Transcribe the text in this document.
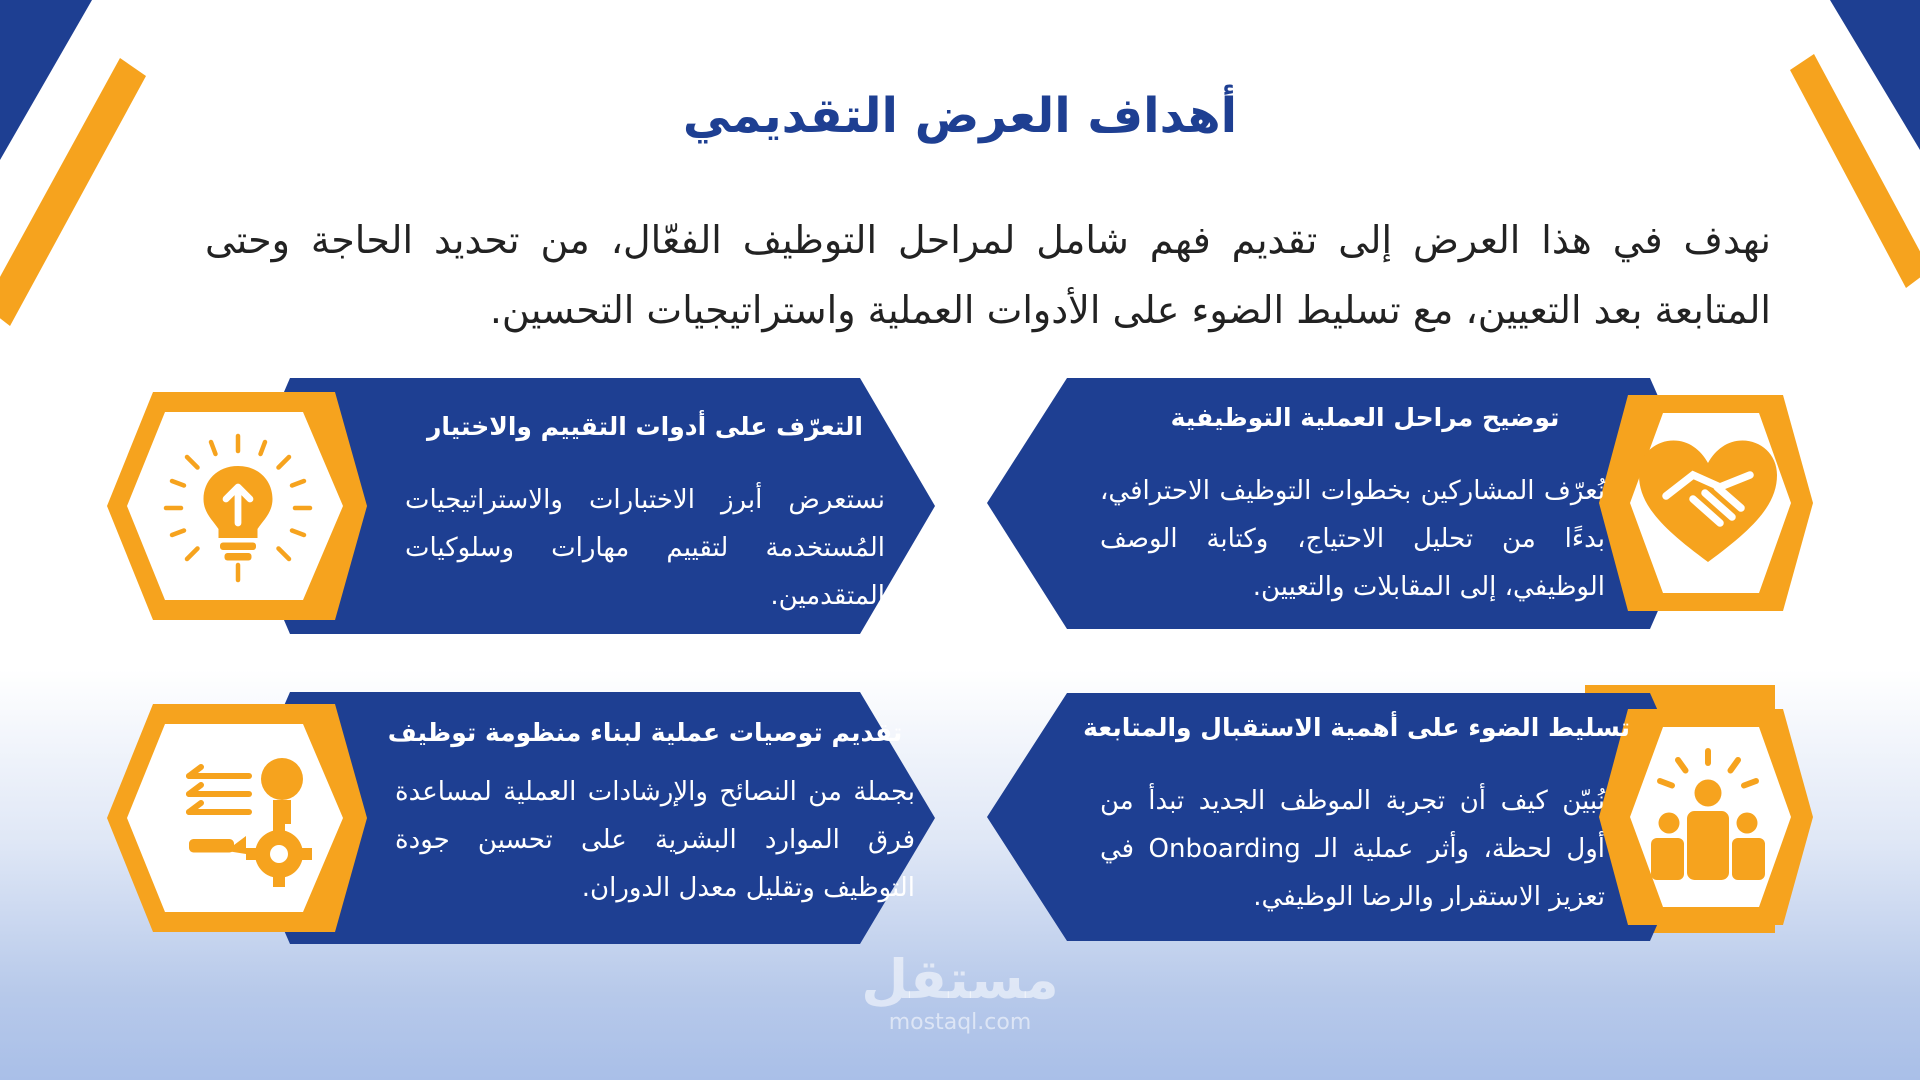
أهداف العرض التقديمي
نهدف في هذا العرض إلى تقديم فهم شامل لمراحل التوظيف الفعّال، من تحديد الحاجة وحتى المتابعة بعد التعيين، مع تسليط الضوء على الأدوات العملية واستراتيجيات التحسين.
توضيح مراحل العملية التوظيفية
نُعرّف المشاركين بخطوات التوظيف الاحترافي، بدءًا من تحليل الاحتياج، وكتابة الوصف الوظيفي، إلى المقابلات والتعيين.
التعرّف على أدوات التقييم والاختيار
نستعرض أبرز الاختبارات والاستراتيجيات المُستخدمة لتقييم مهارات وسلوكيات المتقدمين.
تسليط الضوء على أهمية الاستقبال والمتابعة
نُبيّن كيف أن تجربة الموظف الجديد تبدأ من أول لحظة، وأثر عملية الـ Onboarding في تعزيز الاستقرار والرضا الوظيفي.
تقديم توصيات عملية لبناء منظومة توظيف
بجملة من النصائح والإرشادات العملية لمساعدة فرق الموارد البشرية على تحسين جودة التوظيف وتقليل معدل الدوران.
مستقل
mostaql.com
